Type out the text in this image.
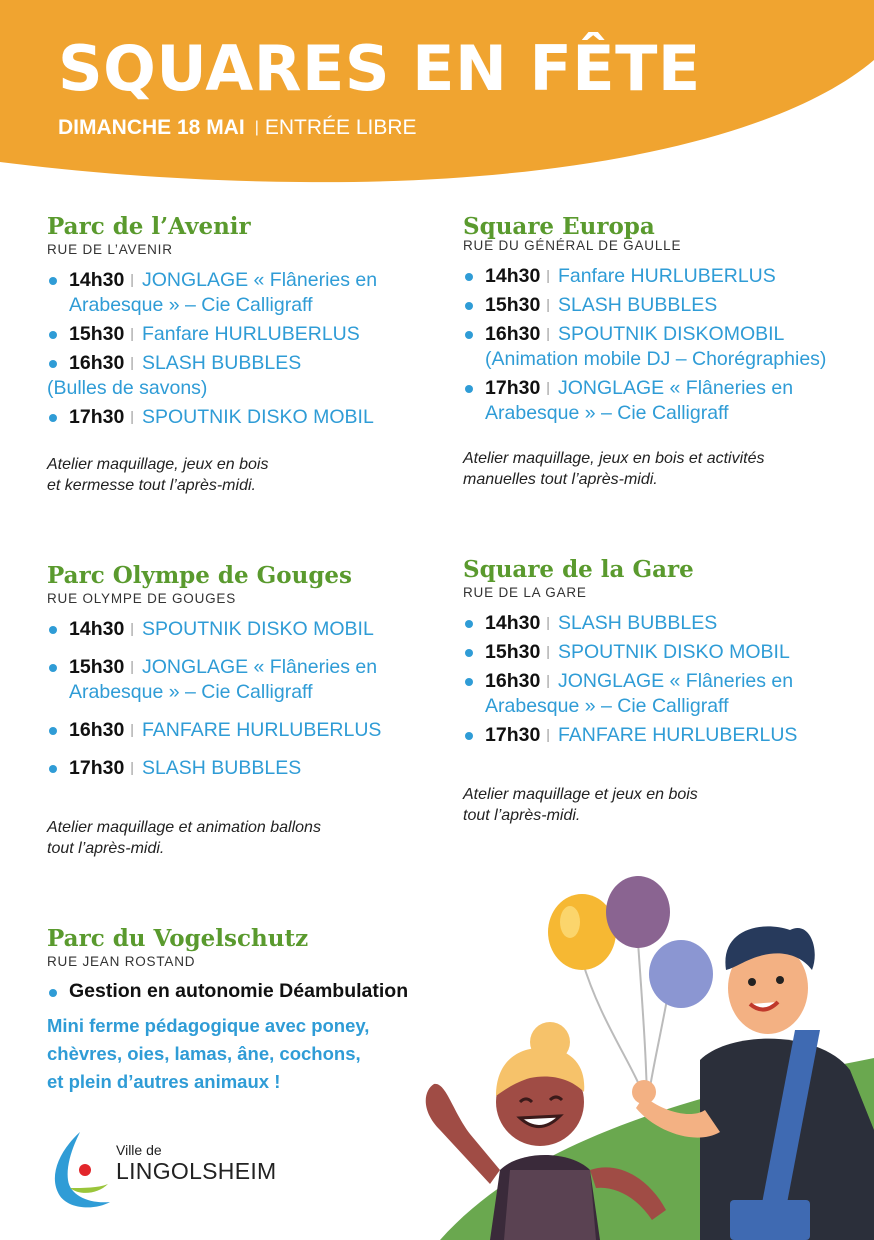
SQUARES EN FÊTE
DIMANCHE 18 MAI | ENTRÉE LIBRE
Parc de l’Avenir
RUE DE L’AVENIR
14h30 | JONGLAGE « Flâneries en Arabesque » – Cie Calligraff
15h30 | Fanfare HURLUBERLUS
16h30 | SLASH BUBBLES
(Bulles de savons)
17h30 | SPOUTNIK DISKO MOBIL
Atelier maquillage, jeux en bois
et kermesse tout l’après-midi.
Square Europa
RUE DU GÉNÉRAL DE GAULLE
14h30 | Fanfare HURLUBERLUS
15h30 | SLASH BUBBLES
16h30 | SPOUTNIK DISKOMOBIL (Animation mobile DJ – Chorégraphies)
17h30 | JONGLAGE « Flâneries en Arabesque » – Cie Calligraff
Atelier maquillage, jeux en bois et activités
manuelles tout l’après-midi.
Parc Olympe de Gouges
RUE OLYMPE DE GOUGES
14h30 | SPOUTNIK DISKO MOBIL
15h30 | JONGLAGE « Flâneries en Arabesque » – Cie Calligraff
16h30 | FANFARE HURLUBERLUS
17h30 | SLASH BUBBLES
Atelier maquillage et animation ballons
tout l’après-midi.
Square de la Gare
RUE DE LA GARE
14h30 | SLASH BUBBLES
15h30 | SPOUTNIK DISKO MOBIL
16h30 | JONGLAGE « Flâneries en Arabesque » – Cie Calligraff
17h30 | FANFARE HURLUBERLUS
Atelier maquillage et jeux en bois
tout l’après-midi.
Parc du Vogelschutz
RUE JEAN ROSTAND
Gestion en autonomie Déambulation
Mini ferme pédagogique avec poney,
chèvres, oies, lamas, âne, cochons,
et plein d’autres animaux !
Ville de
LINGOLSHEIM
